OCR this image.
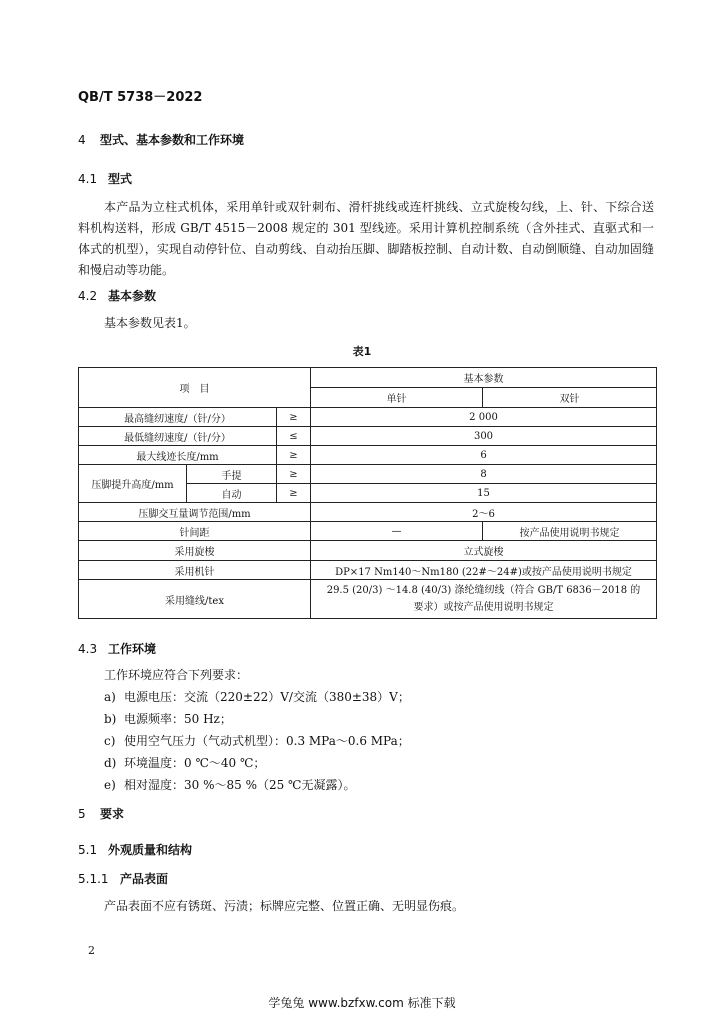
QB/T 5738－2022
4 型式、基本参数和工作环境
4.1 型式

本产品为立柱式机体，采用单针或双针刺布、滑杆挑线或连杆挑线、立式旋梭勾线，上、针、下综合送料机构送料，形成 GB/T 4515－2008 规定的 301 型线迹。采用计算机控制系统（含外挂式、直驱式和一体式的机型），实现自动停针位、自动剪线、自动抬压脚、脚踏板控制、自动计数、自动倒顺缝、自动加固缝和慢启动等功能。

4.2 基本参数
基本参数见表1。
表1
项　目			基本参数	
			单针	双针
最高缝纫速度/（针/分）		≥	2 000	
最低缝纫速度/（针/分）		≤	300	
最大线迹长度/mm		≥	6	
压脚提升高度/mm	手提	≥	8	
	自动	≥	15	
压脚交互量调节范围/mm			2～6	
针间距			—	按产品使用说明书规定
采用旋梭			立式旋梭	
采用机针			DP×17 Nm140～Nm180 (22#～24#)或按产品使用说明书规定	
采用缝线/tex			29.5 (20/3) ～14.8 (40/3) 涤纶缝纫线（符合 GB/T 6836－2018 的
要求）或按产品使用说明书规定	
4.3 工作环境
工作环境应符合下列要求：
a) 电源电压：交流（220±22）V/交流（380±38）V；
b) 电源频率：50 Hz；
c) 使用空气压力（气动式机型）：0.3 MPa～0.6 MPa；
d) 环境温度：0 ℃～40 ℃；
e) 相对湿度：30 %～85 %（25 ℃无凝露）。
5 要求
5.1 外观质量和结构
5.1.1 产品表面
产品表面不应有锈斑、污渍；标牌应完整、位置正确、无明显伤痕。
2
学兔兔 www.bzfxw.com 标准下载
